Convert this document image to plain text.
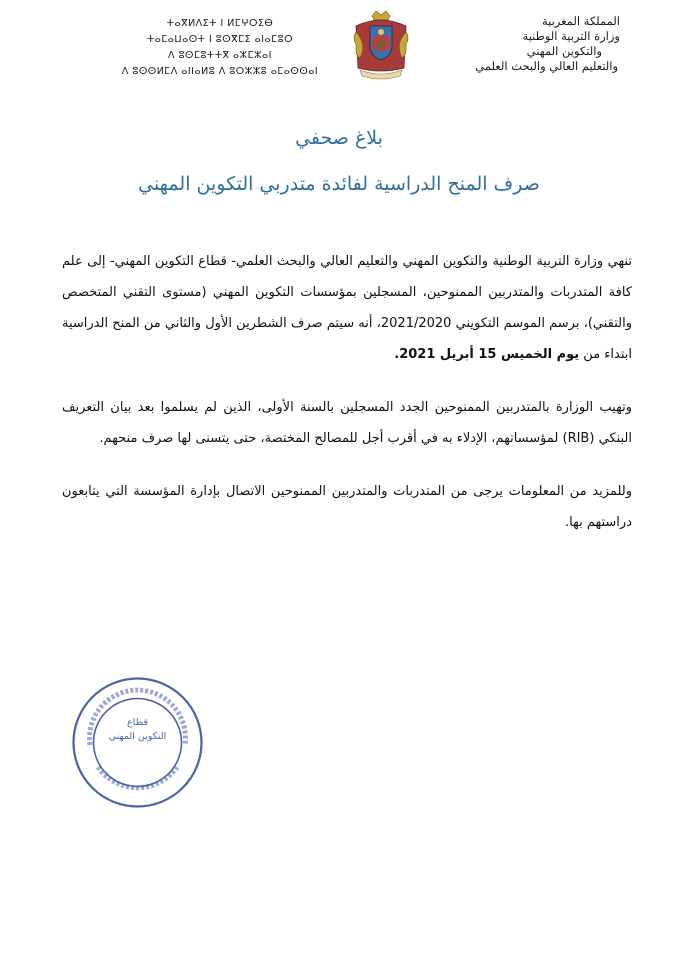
المملكة المغربية
وزارة التربية الوطنية
والتكوين المهني
والتعليم العالي والبحث العلمي
ⵜⴰⴳⵍⴷⵉⵜ ⵏ ⵍⵎⵖⵔⵉⴱ
ⵜⴰⵎⴰⵡⴰⵙⵜ ⵏ ⵓⵙⴳⵎⵉ ⴰⵏⴰⵎⵓⵔ
ⴷ ⵓⵙⵎⵓⵜⵜⴳ ⴰⵣⵎⵣⴰⵏ
ⴷ ⵓⵙⵙⵍⵎⴷ ⴰⵏⵏⴰⵍⵓ ⴷ ⵓⵔⵣⵣⵓ ⴰⵎⴰⵙⵙⴰⵏ
بلاغ صحفي
صرف المنح الدراسية لفائدة متدربي التكوين المهني

تنهي وزارة التربية الوطنية والتكوين المهني والتعليم العالي والبحث العلمي- قطاع التكوين المهني- إلى علم كافة المتدربات والمتدربين الممنوحين، المسجلين بمؤسسات التكوين المهني (مستوى التقني المتخصص والتقني)، برسم الموسم التكويني 2021/2020، أنه سيتم صرف الشطرين الأول والثاني من المنح الدراسية ابتداء من يوم الخميس 15 أبريل 2021.

وتهيب الوزارة بالمتدربين الممنوحين الجدد المسجلين بالسنة الأولى، الذين لم يسلموا بعد بيان التعريف البنكي (RIB) لمؤسساتهم، الإدلاء به في أقرب أجل للمصالح المختصة، حتى يتسنى لها صرف منحهم.

وللمزيد من المعلومات يرجى من المتدربات والمتدربين الممنوحين الاتصال بإدارة المؤسسة التي يتابعون دراستهم بها.

قطاع
التكوين المهني
